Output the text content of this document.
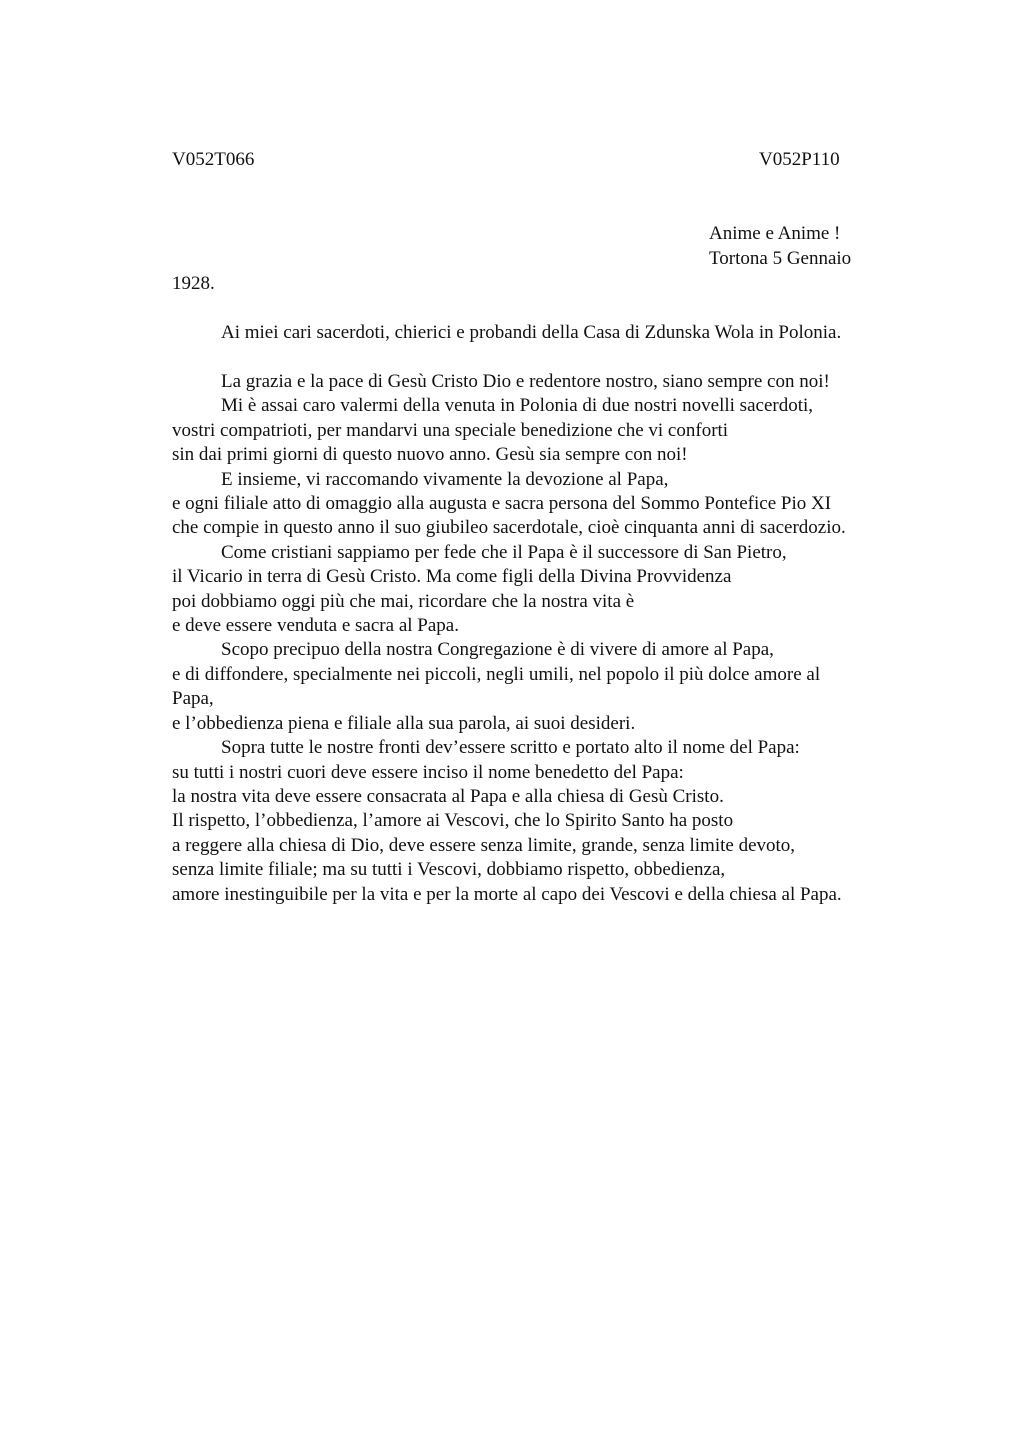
V052T066	V052P110
Anime e Anime !
Tortona 5 Gennaio
1928.
Ai miei cari sacerdoti, chierici e probandi della Casa di Zdunska Wola in Polonia.
La grazia e la pace di Gesù Cristo Dio e redentore nostro, siano sempre con noi!
Mi è assai caro valermi della venuta in Polonia di due nostri novelli sacerdoti,
vostri compatrioti, per mandarvi una speciale benedizione che vi conforti
sin dai primi giorni di questo nuovo anno. Gesù sia sempre con noi!
E insieme, vi raccomando vivamente la devozione al Papa,
e ogni filiale atto di omaggio alla augusta e sacra persona del Sommo Pontefice Pio XI
che compie in questo anno il suo giubileo sacerdotale, cioè cinquanta anni di sacerdozio.
Come cristiani sappiamo per fede che il Papa è il successore di San Pietro,
il Vicario in terra di Gesù Cristo. Ma come figli della Divina Provvidenza
poi dobbiamo oggi più che mai, ricordare che la nostra vita è
e deve essere venduta e sacra al Papa.
Scopo precipuo della nostra Congregazione è di vivere di amore al Papa,
e di diffondere, specialmente nei piccoli, negli umili, nel popolo il più dolce amore al
Papa,
e l’obbedienza piena e filiale alla sua parola, ai suoi desideri.
Sopra tutte le nostre fronti dev’essere scritto e portato alto il nome del Papa:
su tutti i nostri cuori deve essere inciso il nome benedetto del Papa:
la nostra vita deve essere consacrata al Papa e alla chiesa di Gesù Cristo.
Il rispetto, l’obbedienza, l’amore ai Vescovi, che lo Spirito Santo ha posto
a reggere alla chiesa di Dio, deve essere senza limite, grande, senza limite devoto,
senza limite filiale; ma su tutti i Vescovi, dobbiamo rispetto, obbedienza,
amore inestinguibile per la vita e per la morte al capo dei Vescovi e della chiesa al Papa.
